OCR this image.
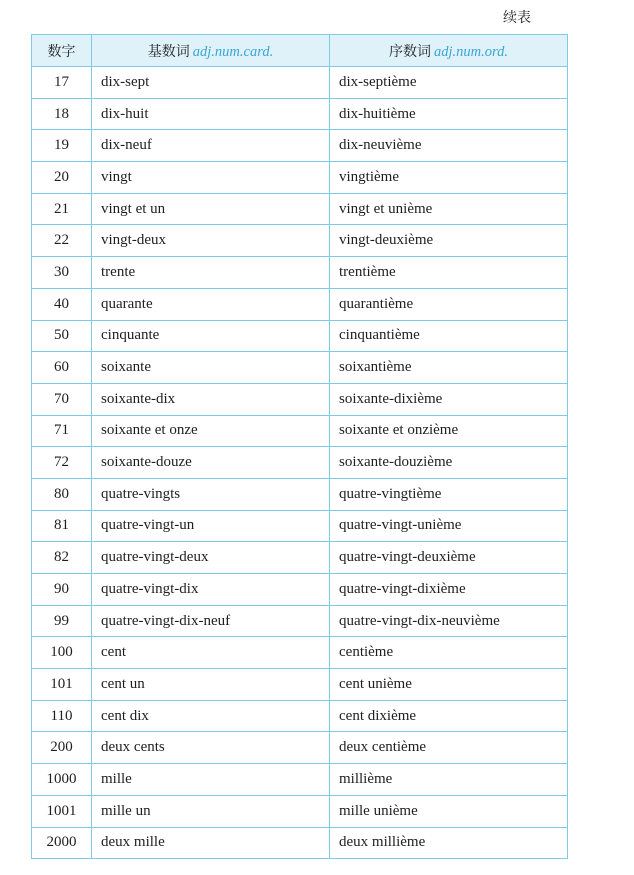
续表
数字	基数词 adj.num.card.	序数词 adj.num.ord.
17	dix-sept	dix-septième
18	dix-huit	dix-huitième
19	dix-neuf	dix-neuvième
20	vingt	vingtième
21	vingt et un	vingt et unième
22	vingt-deux	vingt-deuxième
30	trente	trentième
40	quarante	quarantième
50	cinquante	cinquantième
60	soixante	soixantième
70	soixante-dix	soixante-dixième
71	soixante et onze	soixante et onzième
72	soixante-douze	soixante-douzième
80	quatre-vingts	quatre-vingtième
81	quatre-vingt-un	quatre-vingt-unième
82	quatre-vingt-deux	quatre-vingt-deuxième
90	quatre-vingt-dix	quatre-vingt-dixième
99	quatre-vingt-dix-neuf	quatre-vingt-dix-neuvième
100	cent	centième
101	cent un	cent unième
110	cent dix	cent dixième
200	deux cents	deux centième
1000	mille	millième
1001	mille un	mille unième
2000	deux mille	deux millième
